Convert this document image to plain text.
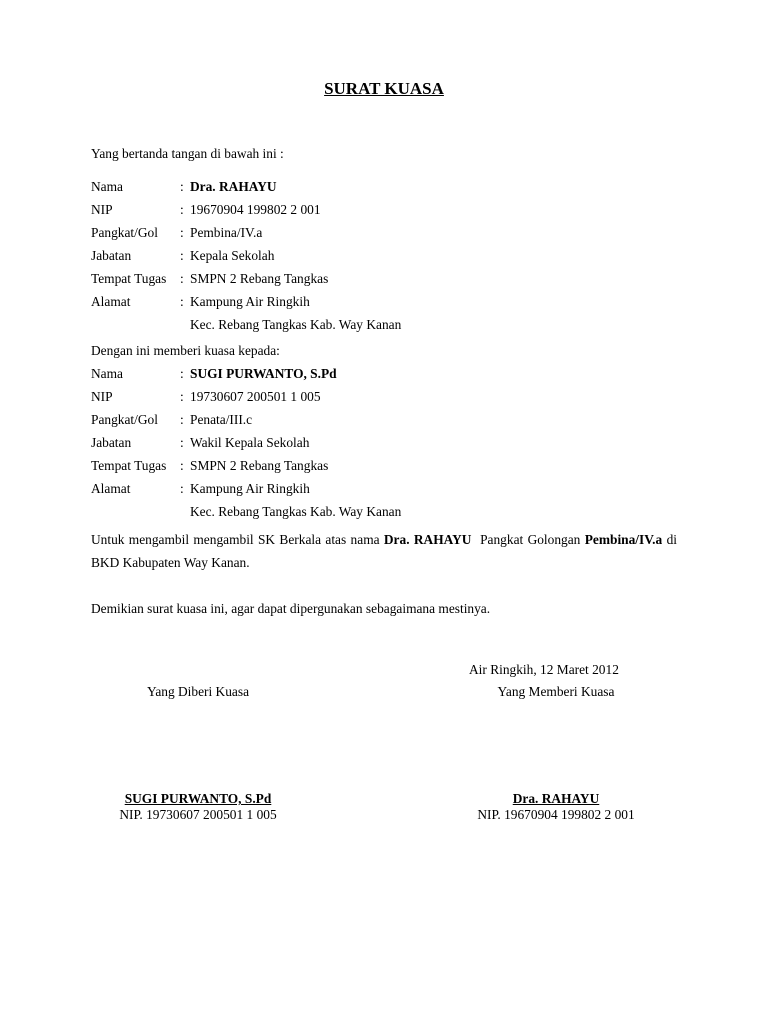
SURAT KUASA
Yang bertanda tangan di bawah ini :
Nama	: Dra. RAHAYU
NIP	: 19670904 199802 2 001
Pangkat/Gol : Pembina/IV.a
Jabatan	: Kepala Sekolah
Tempat Tugas : SMPN 2 Rebang Tangkas
Alamat	: Kampung Air Ringkih
Kec. Rebang Tangkas Kab. Way Kanan
Dengan ini memberi kuasa kepada:
Nama	: SUGI PURWANTO, S.Pd
NIP	: 19730607 200501 1 005
Pangkat/Gol : Penata/III.c
Jabatan	: Wakil Kepala Sekolah
Tempat Tugas : SMPN 2 Rebang Tangkas
Alamat	: Kampung Air Ringkih
Kec. Rebang Tangkas Kab. Way Kanan
Untuk mengambil mengambil SK Berkala atas nama Dra. RAHAYU  Pangkat Golongan Pembina/IV.a di BKD Kabupaten Way Kanan.
Demikian surat kuasa ini, agar dapat dipergunakan sebagaimana mestinya.
Air Ringkih, 12 Maret 2012
Yang Diberi Kuasa	Yang Memberi Kuasa
SUGI PURWANTO, S.Pd
NIP. 19730607 200501 1 005
Dra. RAHAYU
NIP. 19670904 199802 2 001
